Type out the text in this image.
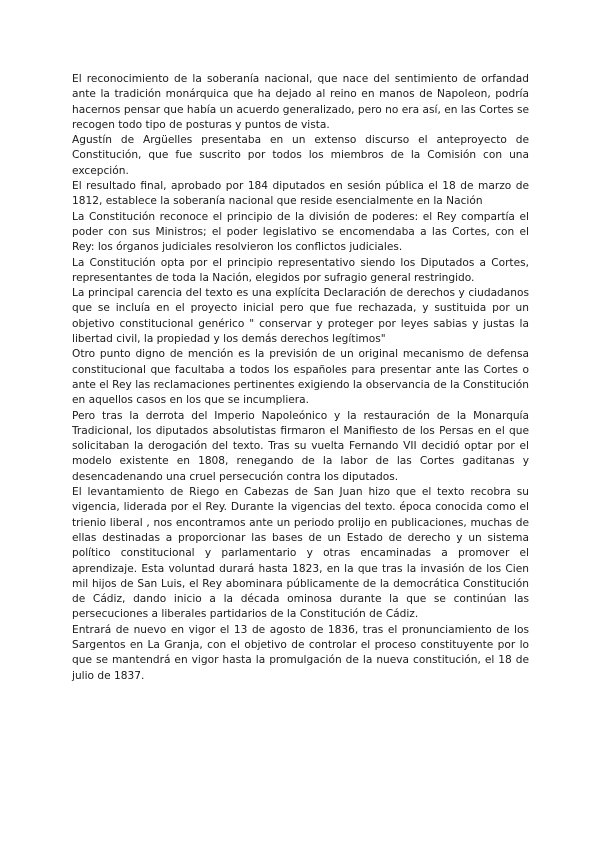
El reconocimiento de la soberanía nacional, que nace del sentimiento de orfandad ante la tradición monárquica que ha dejado al reino en manos de Napoleon, podría hacernos pensar que había un acuerdo generalizado, pero no era así, en las Cortes se recogen todo tipo de posturas y puntos de vista.

Agustín de Argüelles presentaba en un extenso discurso el anteproyecto de Constitución, que fue suscrito por todos los miembros de la Comisión con una excepción.

El resultado final, aprobado por 184 diputados en sesión pública el 18 de marzo de 1812, establece la soberanía nacional que reside esencialmente en la Nación

La Constitución reconoce el principio de la división de poderes: el Rey compartía el poder con sus Ministros; el poder legislativo se encomendaba a las Cortes, con el Rey: los órganos judiciales resolvieron los conflictos judiciales.

La Constitución opta por el principio representativo siendo los Diputados a Cortes, representantes de toda la Nación, elegidos por sufragio general restringido.

La principal carencia del texto es una explícita Declaración de derechos y ciudadanos que se incluía en el proyecto inicial pero que fue rechazada, y sustituida por un objetivo constitucional genérico " conservar y proteger por leyes sabias y justas la libertad civil, la propiedad y los demás derechos legítimos"

Otro punto digno de mención es la previsión de un original mecanismo de defensa constitucional que facultaba a todos los españoles para presentar ante las Cortes o ante el Rey las reclamaciones pertinentes exigiendo la observancia de la Constitución en aquellos casos en los que se incumpliera.

Pero tras la derrota del Imperio Napoleónico y la restauración de la Monarquía Tradicional, los diputados absolutistas firmaron el Manifiesto de los Persas en el que solicitaban la derogación del texto. Tras su vuelta Fernando VII decidió optar por el modelo existente en 1808, renegando de la labor de las Cortes gaditanas y desencadenando una cruel persecución contra los diputados.

El levantamiento de Riego en Cabezas de San Juan hizo que el texto recobra su vigencia, liderada por el Rey. Durante la vigencias del texto. época conocida como el trienio liberal , nos encontramos ante un periodo prolijo en publicaciones, muchas de ellas destinadas a proporcionar las bases de un Estado de derecho y un sistema político constitucional y parlamentario y otras encaminadas a promover el aprendizaje. Esta voluntad durará hasta 1823, en la que tras la invasión de los Cien mil hijos de San Luis, el Rey abominara públicamente de la democrática Constitución de Cádiz, dando inicio a la década ominosa durante la que se continúan las persecuciones a liberales partidarios de la Constitución de Cádiz.

Entrará de nuevo en vigor el 13 de agosto de 1836, tras el pronunciamiento de los Sargentos en La Granja, con el objetivo de controlar el proceso constituyente por lo que se mantendrá en vigor hasta la promulgación de la nueva constitución, el 18 de julio de 1837.
